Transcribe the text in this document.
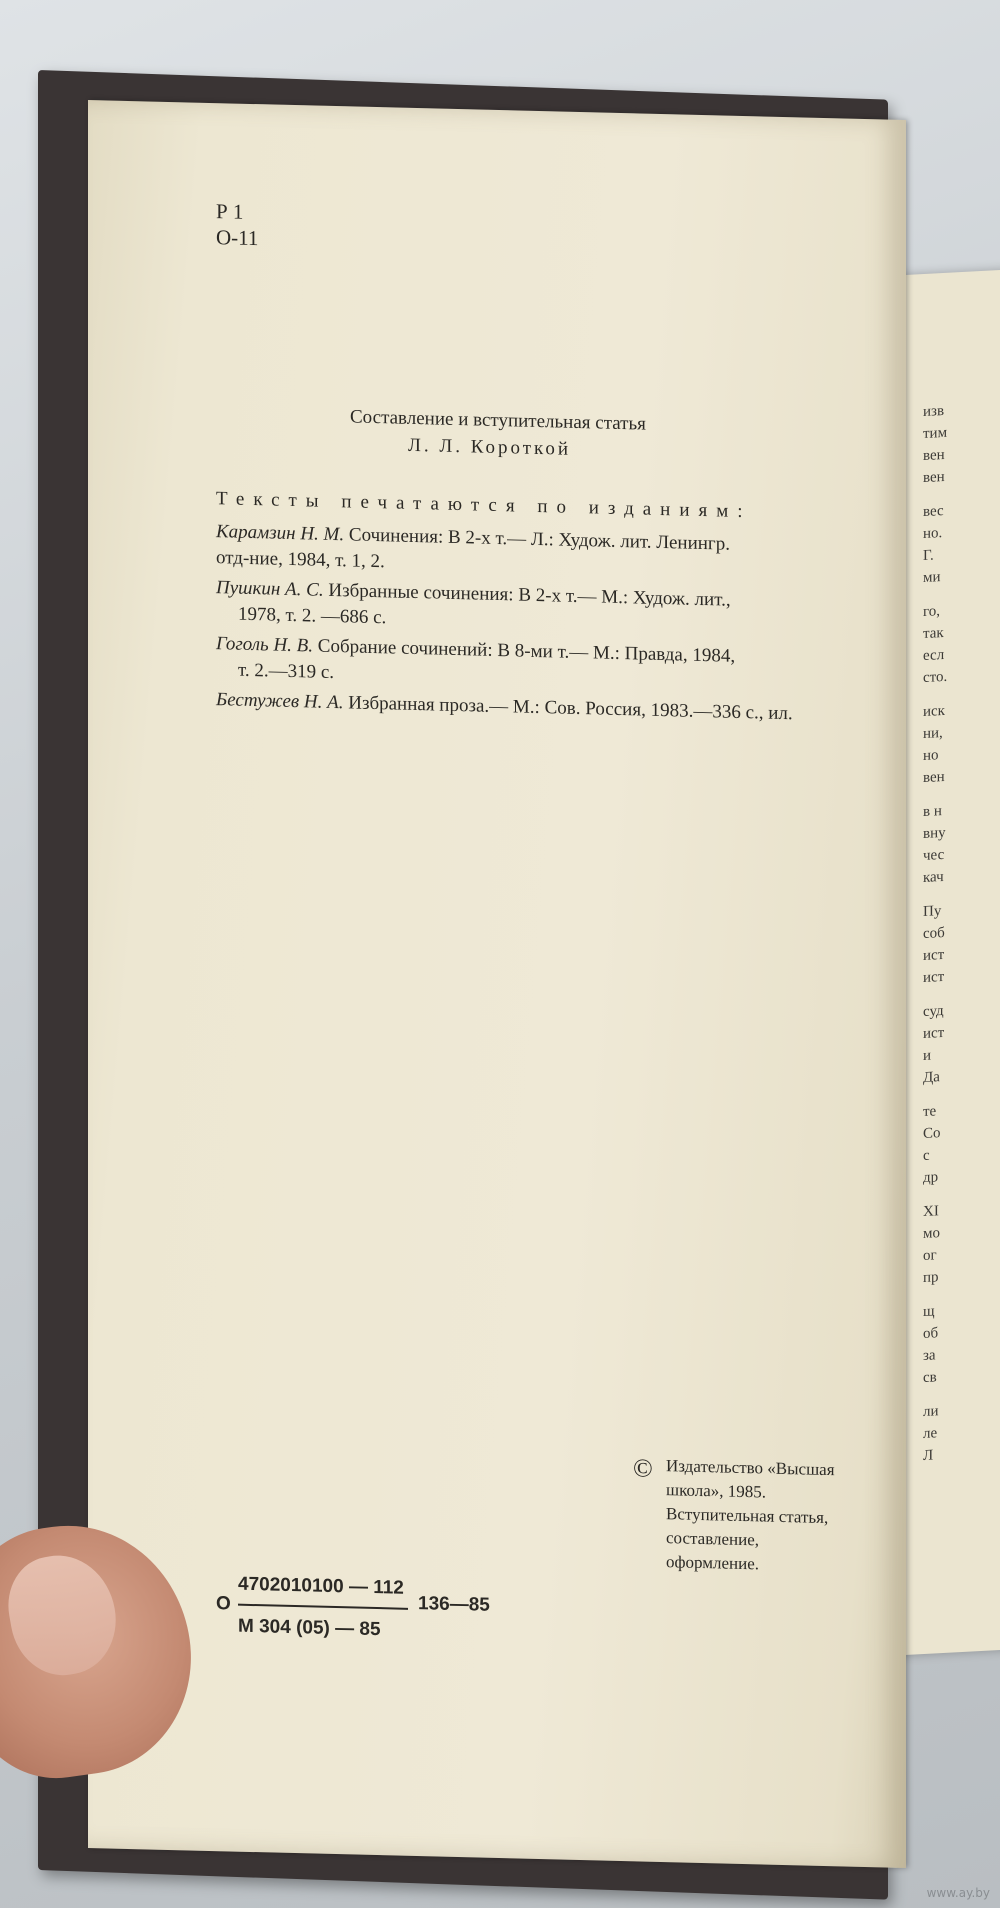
изв
тим
вен
вен
вес
но.
Г.
ми
го,
так
есл
сто.
иск
ни,
но
вен
в н
вну
чес
кач
Пу
соб
ист
ист
суд
ист
и
Да
те
Со
с
др
XI
мо
ог
пр
щ
об
за
св
ли
ле
Л
Р 1
О-11
Составление и вступительная статья
Л. Л. Короткой
Тексты печатаются по изданиям:
Карамзин Н. М. Сочинения: В 2-х т.— Л.: Худож. лит. Ленингр.
отд-ние, 1984, т. 1, 2.
Пушкин А. С. Избранные сочинения: В 2-х т.— М.: Худож. лит.,
1978, т. 2. —686 с.
Гоголь Н. В. Собрание сочинений: В 8-ми т.— М.: Правда, 1984,
т. 2.—319 с.
Бестужев Н. А. Избранная проза.— М.: Сов. Россия, 1983.—336 с., ил.
© Издательство «Высшая школа», 1985. Вступительная статья, составление, оформление.
4702010100 — 112
О	136—85
М 304 (05) — 85
www.ay.by
